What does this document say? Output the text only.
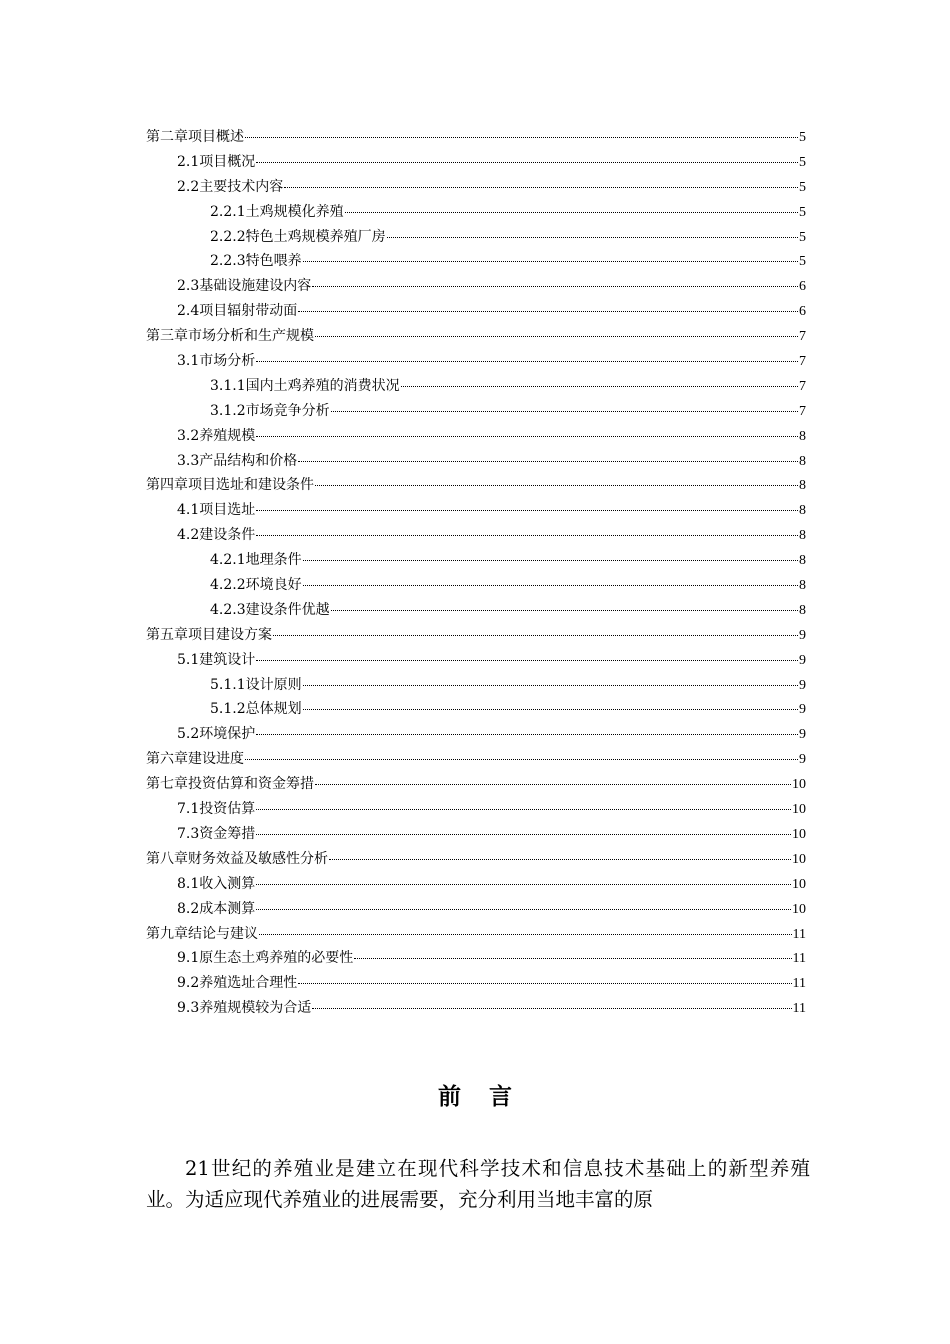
第二章项目概述	5
2.1项目概况	5
2.2主要技术内容	5
2.2.1土鸡规模化养殖	5
2.2.2特色土鸡规模养殖厂房	5
2.2.3特色喂养	5
2.3基础设施建设内容	6
2.4项目辐射带动面	6
第三章市场分析和生产规模	7
3.1市场分析	7
3.1.1国内土鸡养殖的消费状况	7
3.1.2市场竞争分析	7
3.2养殖规模	8
3.3产品结构和价格	8
第四章项目选址和建设条件	8
4.1项目选址	8
4.2建设条件	8
4.2.1地理条件	8
4.2.2环境良好	8
4.2.3建设条件优越	8
第五章项目建设方案	9
5.1建筑设计	9
5.1.1设计原则	9
5.1.2总体规划	9
5.2环境保护	9
第六章建设进度	9
第七章投资估算和资金筹措	10
7.1投资估算	10
7.3资金筹措	10
第八章财务效益及敏感性分析	10
8.1收入测算	10
8.2成本测算	10
第九章结论与建议	11
9.1原生态土鸡养殖的必要性	11
9.2养殖选址合理性	11
9.3养殖规模较为合适	11
前言

21世纪的养殖业是建立在现代科学技术和信息技术基础上的新型养殖业。为适应现代养殖业的进展需要，充分利用当地丰富的原
